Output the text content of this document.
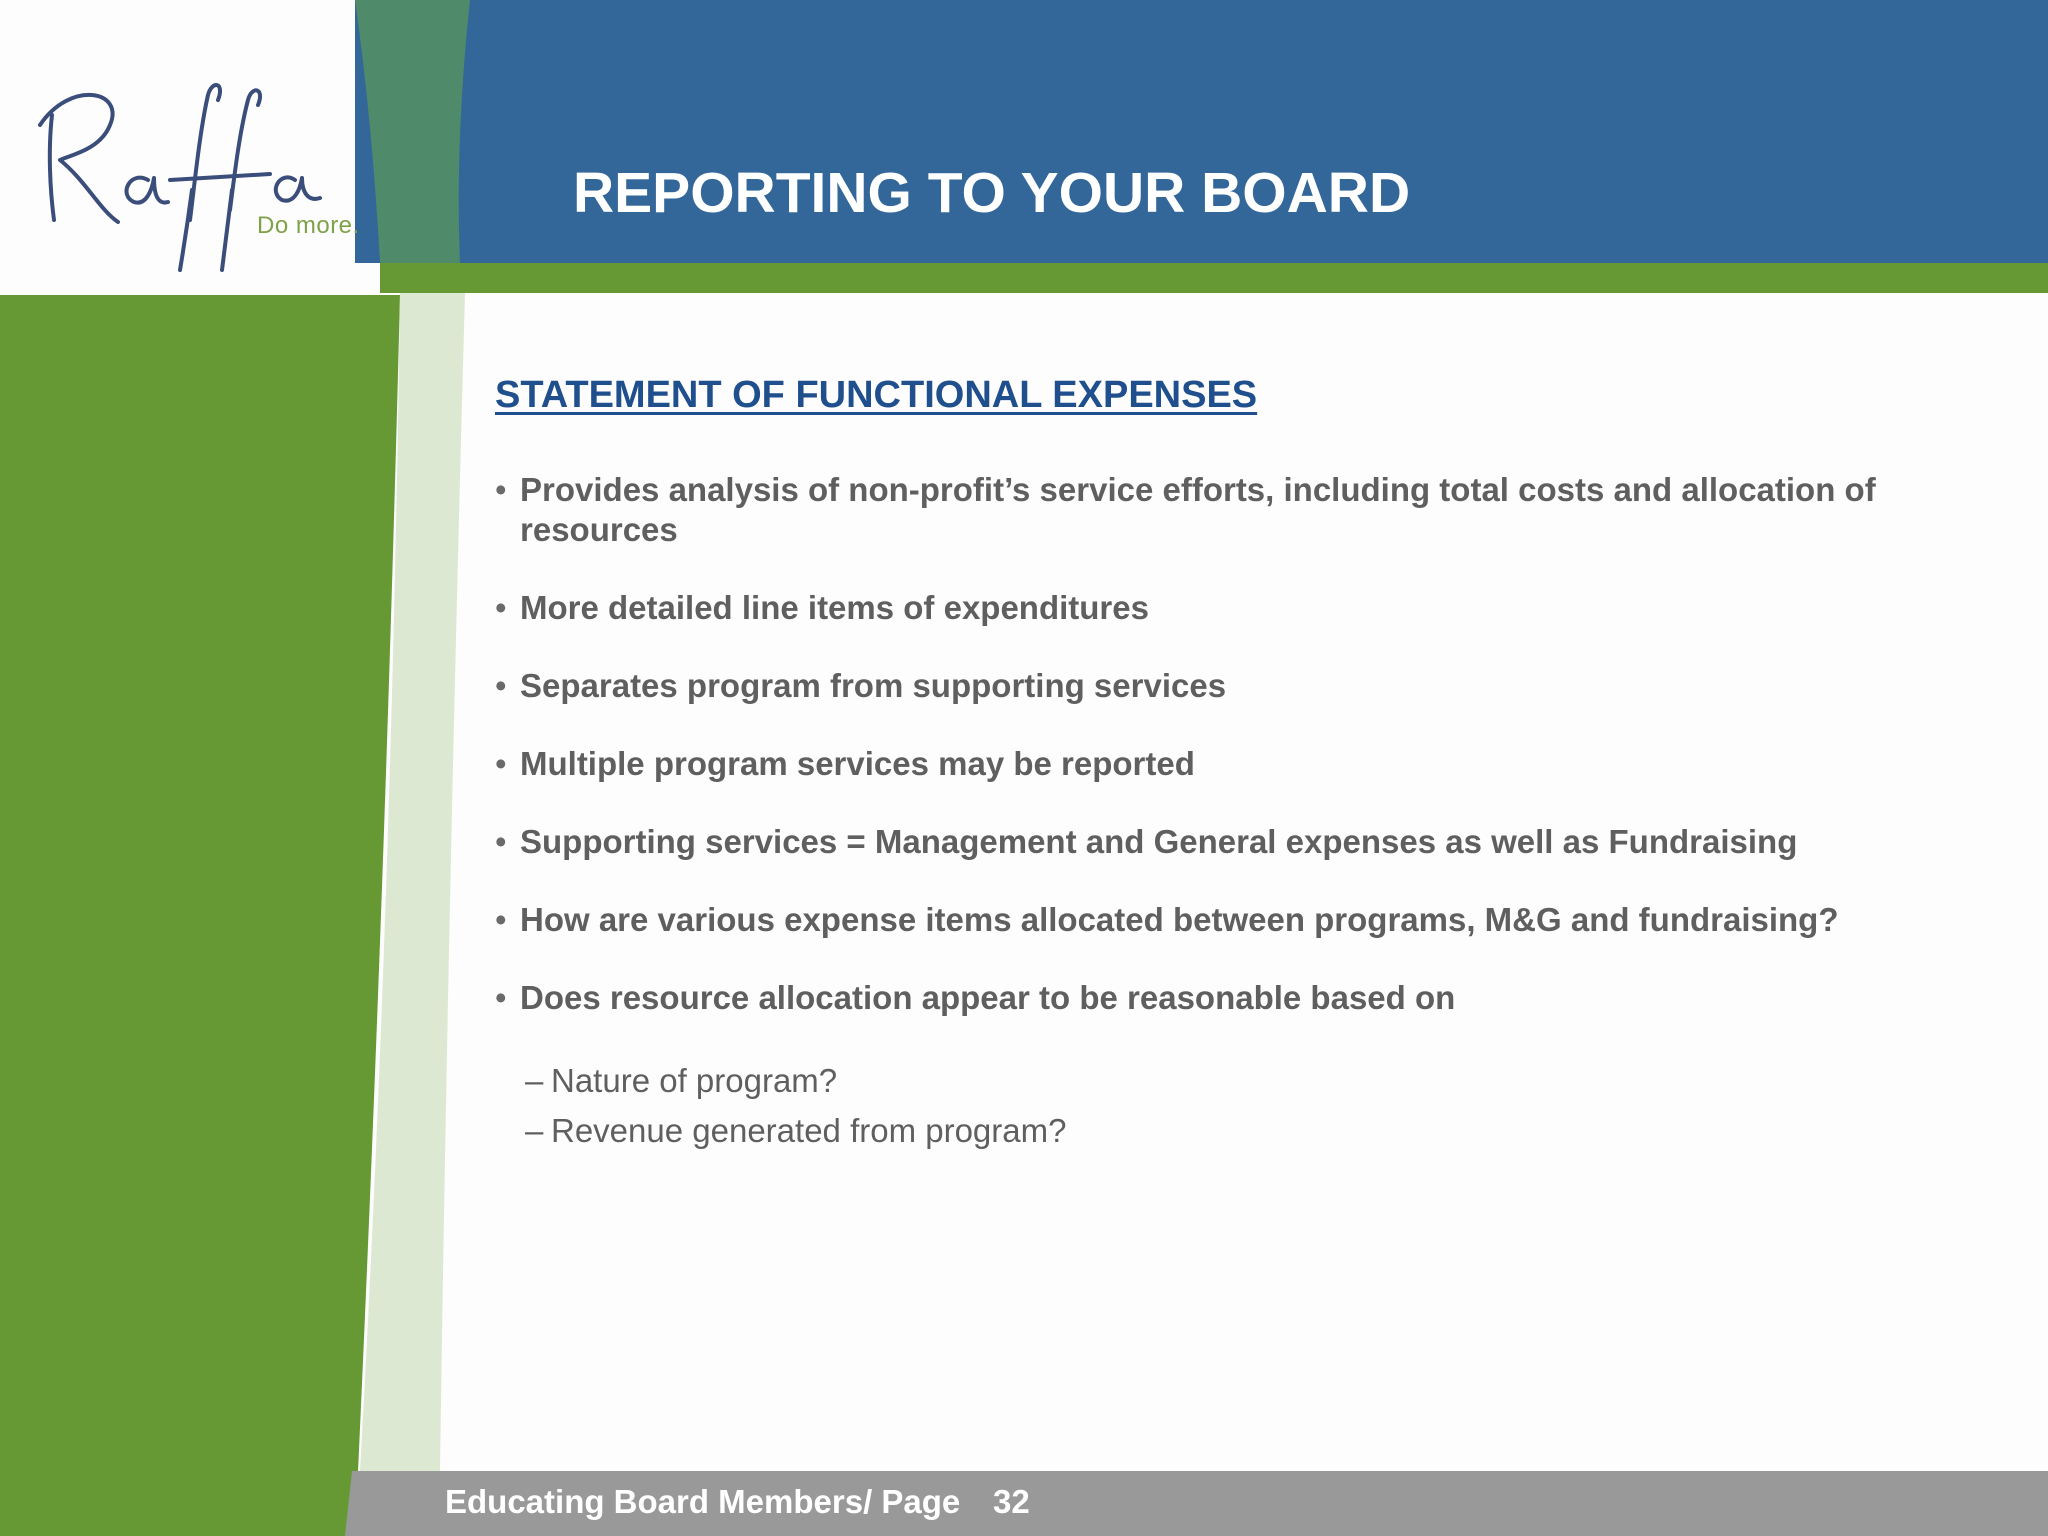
Do more.
REPORTING TO YOUR BOARD
STATEMENT OF FUNCTIONAL EXPENSES
• Provides analysis of non-profit’s service efforts, including total costs and allocation of resources
• More detailed line items of expenditures
• Separates program from supporting services
• Multiple program services may be reported
• Supporting services = Management and General expenses as well as Fundraising
• How are various expense items allocated between programs, M&G and fundraising?
• Does resource allocation appear to be reasonable based on
– Nature of program?
– Revenue generated from program?
Educating Board Members/ Page 32
